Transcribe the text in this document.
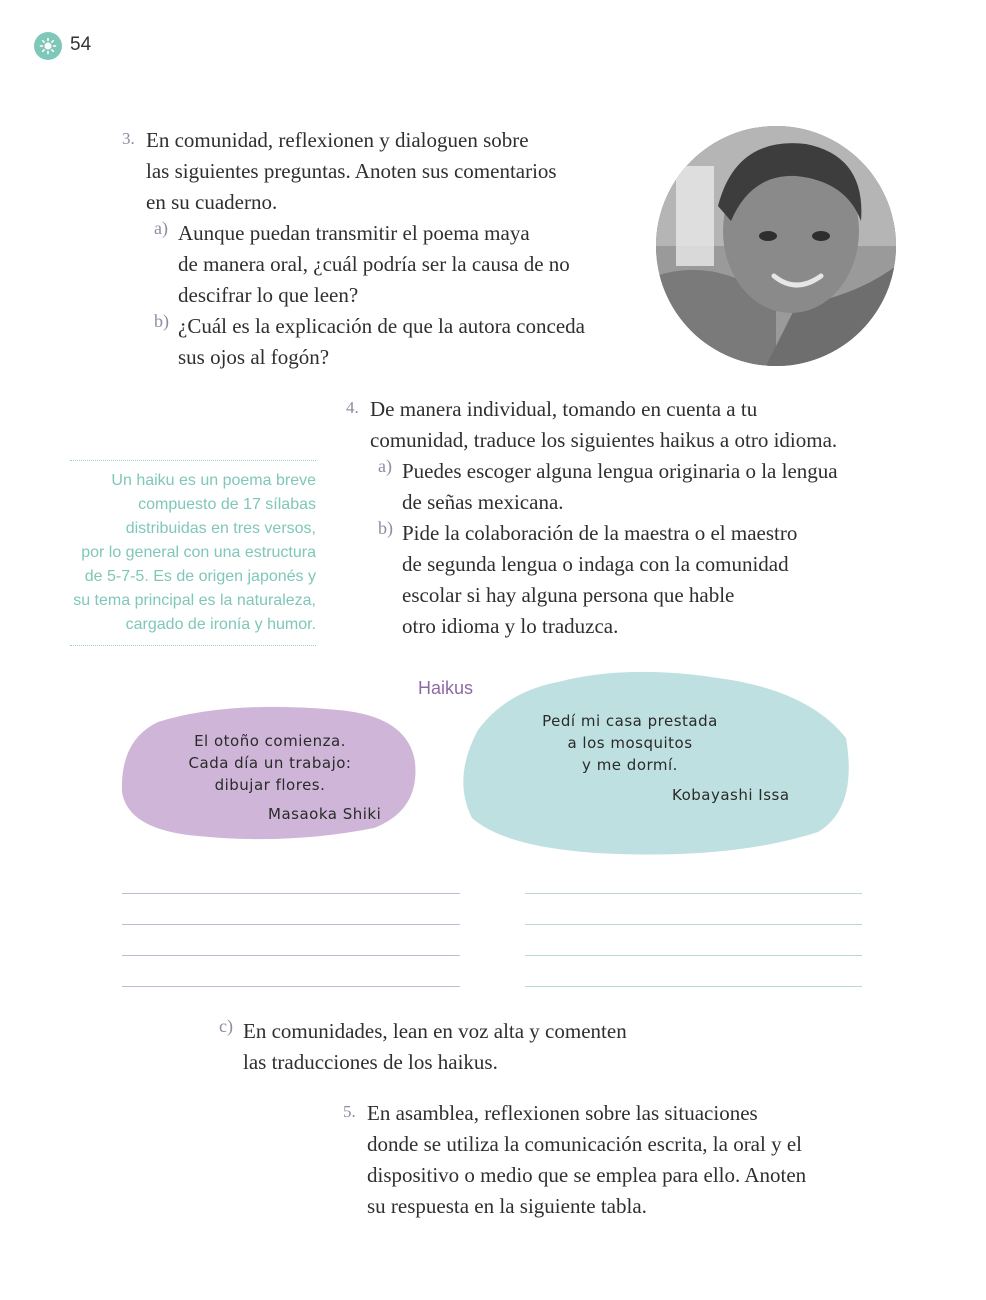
54
3. En comunidad, reflexionen y dialoguen sobre
las siguientes preguntas. Anoten sus comentarios
en su cuaderno.

a) Aunque puedan transmitir el poema maya
de manera oral, ¿cuál podría ser la causa de no
descifrar lo que leen?

b) ¿Cuál es la explicación de que la autora conceda
sus ojos al fogón?

4. De manera individual, tomando en cuenta a tu
comunidad, traduce los siguientes haikus a otro idioma.

a) Puedes escoger alguna lengua originaria o la lengua
de señas mexicana.

b) Pide la colaboración de la maestra o el maestro
de segunda lengua o indaga con la comunidad
escolar si hay alguna persona que hable
otro idioma y lo traduzca.

Un haiku es un poema breve
compuesto de 17 sílabas
distribuidas en tres versos,
por lo general con una estructura
de 5-7-5. Es de origen japonés y
su tema principal es la naturaleza,
cargado de ironía y humor.
Haikus
El otoño comienza.
Cada día un trabajo:
dibujar flores.
Masaoka Shiki
Pedí mi casa prestada
a los mosquitos
y me dormí.
Kobayashi Issa
c) En comunidades, lean en voz alta y comenten
las traducciones de los haikus.

5. En asamblea, reflexionen sobre las situaciones
donde se utiliza la comunicación escrita, la oral y el
dispositivo o medio que se emplea para ello. Anoten
su respuesta en la siguiente tabla.
